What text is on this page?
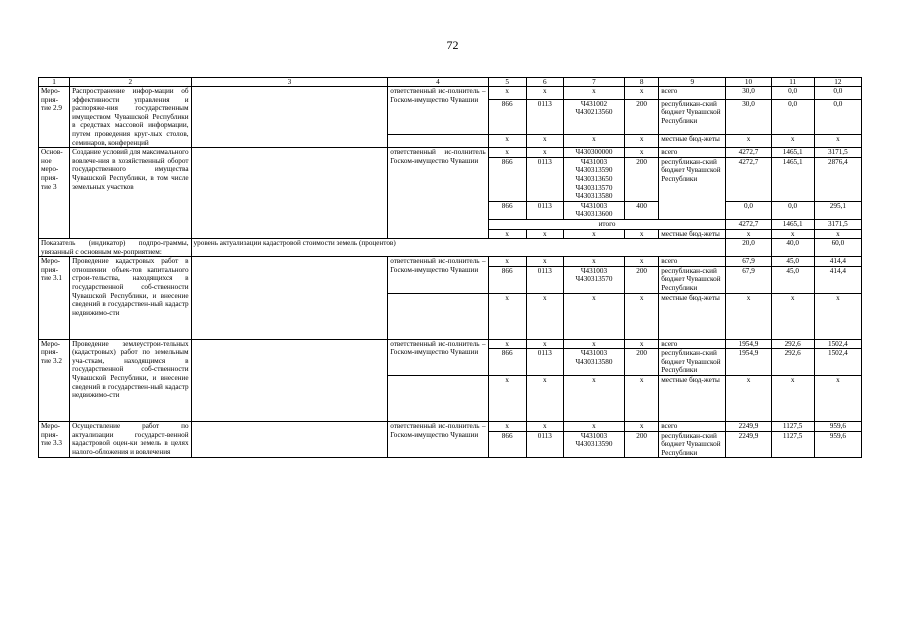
72
1	2	3	4	5	6	7	8	9	10	11	12
Меро-прия-тие 2.9	Распространение инфор-мации об эффективности управления и распоряже-ния государственным имуществом Чувашской Республики в средствах массовой информации, путем проведения круг-лых столов, семинаров, конференций		ответственный ис-полнитель – Госком-имущество Чувашии	x	x	x	x	всего	30,0	0,0	0,0
				866	0113	Ч431002 Ч430213560	200	республикан-ский бюджет Чувашской Республики	30,0	0,0	0,0
				x	x	x	x	местные бюд-жеты	x	x	x
Основ-ное меро-прия-тие 3	Создание условий для максимального вовлече-ния в хозяйственный оборот государственного имущества Чувашской Республики, в том числе земельных участков		ответственный ис-полнитель Госком-имущество Чувашии	x	x	Ч430300000	x	всего	4272,7	1465,1	3171,5
				866	0113	Ч431003 Ч430313590 Ч430313650 Ч430313570 Ч430313580	200	республикан-ский бюджет Чувашской Республики	4272,7	1465,1	2876,4
				866	0113	Ч431003 Ч430313600	400		0,0	0,0	295,1
				итого					4272,7	1465,1	3171,5
				x	x	x	x	местные бюд-жеты	x	x	x
Показатель (индикатор) подпро-граммы, увязанный с основным ме-роприятием:		уровень актуализации кадастровой стоимости земель (процентов)							20,0	40,0	60,0
Меро-прия-тие 3.1	Проведение кадастровых работ в отношении объек-тов капитального строи-тельства, находящихся в государственной соб-ственности Чувашской Республики, и внесение сведений в государствен-ный кадастр недвижимо-сти		ответственный ис-полнитель – Госком-имущество Чувашии	x	x	x	x	всего	67,9	45,0	414,4
				866	0113	Ч431003 Ч430313570	200	республикан-ский бюджет Чувашской Республики	67,9	45,0	414,4
				x	x	x	x	местные бюд-жеты	x	x	x
Меро-прия-тие 3.2	Проведение землеустрои-тельных (кадастровых) работ по земельным уча-сткам, находящимся в государственной соб-ственности Чувашской Республики, и внесение сведений в государствен-ный кадастр недвижимо-сти		ответственный ис-полнитель – Госком-имущество Чувашии	x	x	x	x	всего	1954,9	292,6	1502,4
				866	0113	Ч431003 Ч430313580	200	республикан-ский бюджет Чувашской Республики	1954,9	292,6	1502,4
				x	x	x	x	местные бюд-жеты	x	x	x
Меро-прия-тие 3.3	Осуществление работ по актуализации государст-венной кадастровой оцен-ки земель в целях налого-обложения и вовлечения		ответственный ис-полнитель – Госком-имущество Чувашии	x	x	x	x	всего	2249,9	1127,5	959,6
				866	0113	Ч431003 Ч430313590	200	республикан-ский бюджет Чувашской Республики	2249,9	1127,5	959,6
